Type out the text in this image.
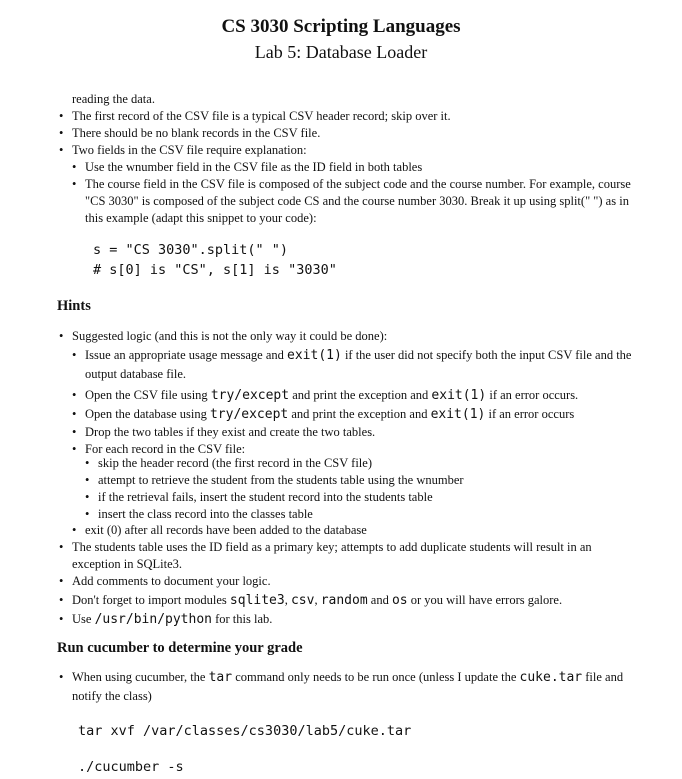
CS 3030 Scripting Languages
Lab 5: Database Loader
reading the data.
• The first record of the CSV file is a typical CSV header record; skip over it.
• There should be no blank records in the CSV file.
• Two fields in the CSV file require explanation:
• Use the wnumber field in the CSV file as the ID field in both tables
• The course field in the CSV file is composed of the subject code and the course number. For example, course "CS 3030" is composed of the subject code CS and the course number 3030. Break it up using split(" ") as in this example (adapt this snippet to your code):
s = "CS 3030".split(" ")
# s[0] is "CS", s[1] is "3030"
Hints
• Suggested logic (and this is not the only way it could be done):
• Issue an appropriate usage message and exit(1) if the user did not specify both the input CSV file and the output database file.
• Open the CSV file using try/except and print the exception and exit(1) if an error occurs.
• Open the database using try/except and print the exception and exit(1) if an error occurs
• Drop the two tables if they exist and create the two tables.
• For each record in the CSV file:
• skip the header record (the first record in the CSV file)
• attempt to retrieve the student from the students table using the wnumber
• if the retrieval fails, insert the student record into the students table
• insert the class record into the classes table
• exit (0) after all records have been added to the database
• The students table uses the ID field as a primary key; attempts to add duplicate students will result in an exception in SQLite3.
• Add comments to document your logic.
• Don't forget to import modules sqlite3, csv, random and os or you will have errors galore.
• Use /usr/bin/python for this lab.
Run cucumber to determine your grade
• When using cucumber, the tar command only needs to be run once (unless I update the cuke.tar file and notify the class)
tar xvf /var/classes/cs3030/lab5/cuke.tar
./cucumber -s
